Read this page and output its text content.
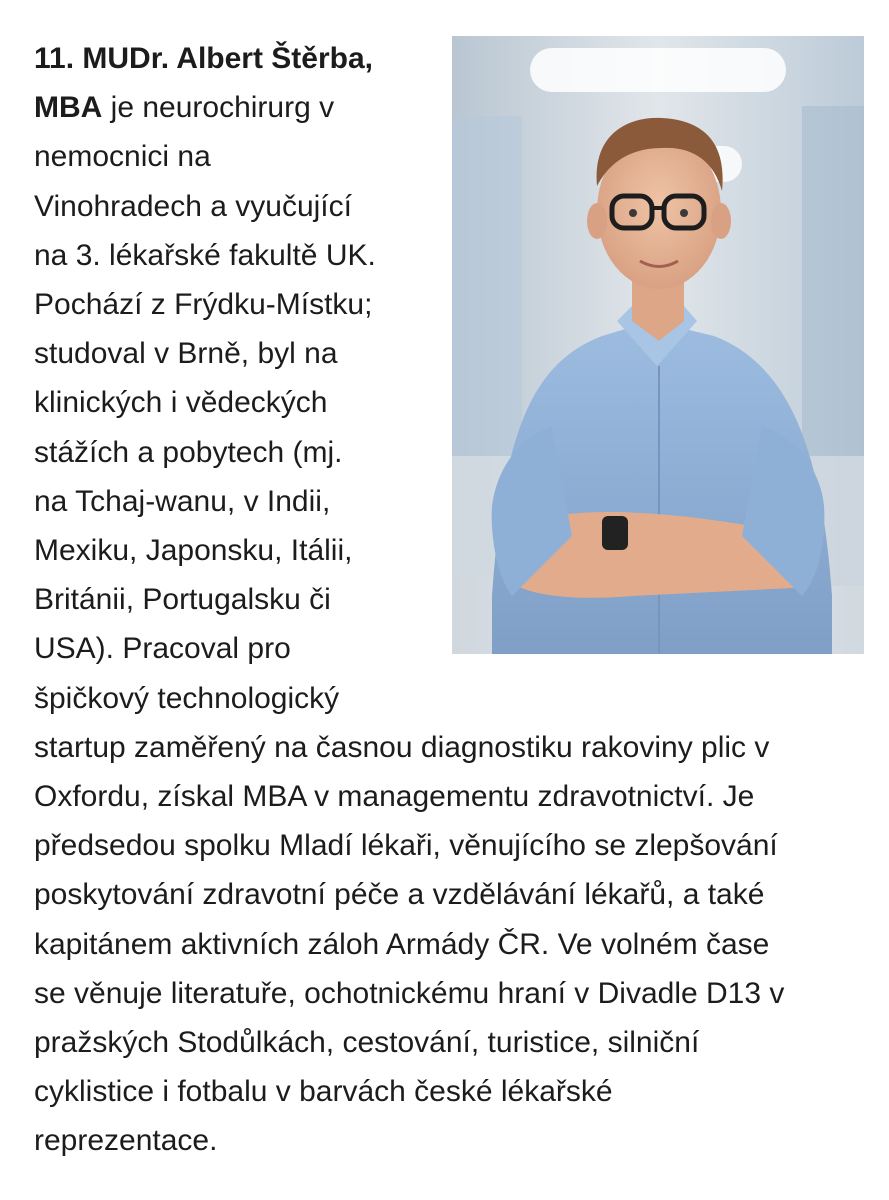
11. MUDr. Albert Štěrba,
MBA je neurochirurg v
nemocnici na
Vinohradech a vyučující
na 3. lékařské fakultě UK.
Pochází z Frýdku-Místku;
studoval v Brně, byl na
klinických i vědeckých
stážích a pobytech (mj.
na Tchaj-wanu, v Indii,
Mexiku, Japonsku, Itálii,
Británii, Portugalsku či
USA). Pracoval pro
špičkový technologický
startup zaměřený na časnou diagnostiku rakoviny plic v
Oxfordu, získal MBA v managementu zdravotnictví. Je
předsedou spolku Mladí lékaři, věnujícího se zlepšování
poskytování zdravotní péče a vzdělávání lékařů, a také
kapitánem aktivních záloh Armády ČR. Ve volném čase
se věnuje literatuře, ochotnickému hraní v Divadle D13 v
pražských Stodůlkách, cestování, turistice, silniční
cyklistice i fotbalu v barvách české lékařské
reprezentace.
